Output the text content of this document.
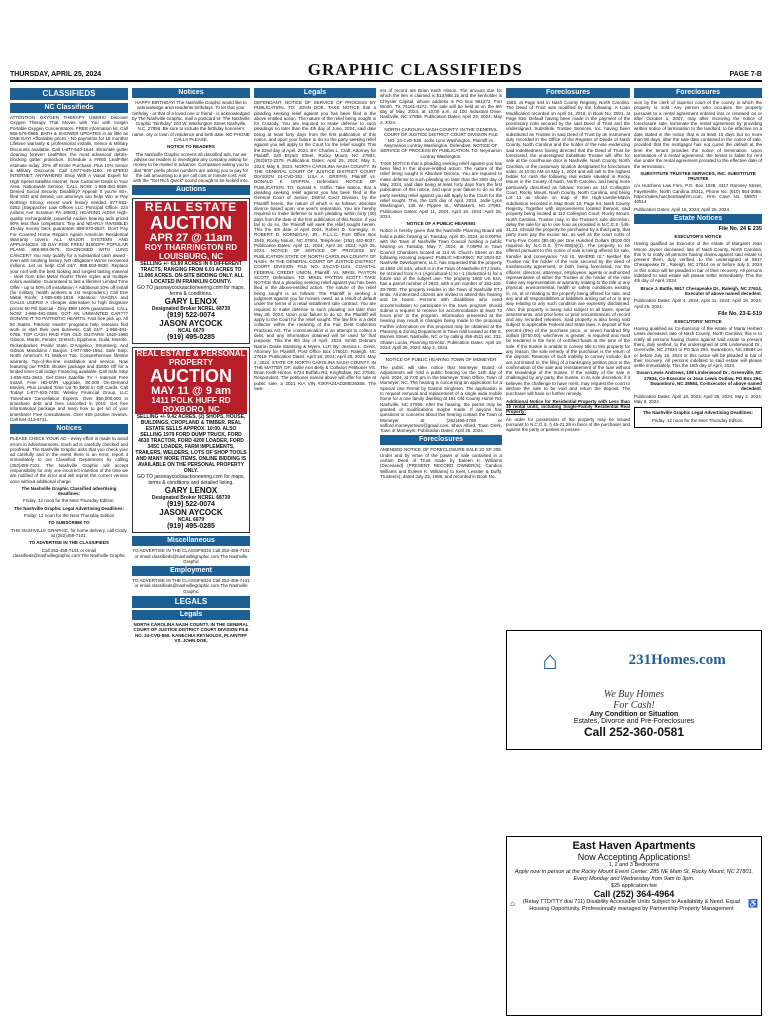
THURSDAY, APRIL 25, 2024	GRAPHIC CLASSIFIEDS	PAGE 7-B
CLASSIFIEDS
NC Classifieds

ATTENTION OXYGEN THERAPY USERS! Discover Oxygen Therapy That Moves with You with Inogen Portable Oxygen Concentrators. FREE information kit. Call 866-579-0885. BATH & SHOWER UPDATES in as little as ONE DAY! Affordable prices - No payments for 18 months! Lifetime warranty & professional installs. Senior & Military Discounts available. Call 1-877-540-1644. Eliminate gutter cleaning forever! LeafFilter, the most advanced debris-blocking gutter protection. Schedule a FREE LeafFilter estimate today. 20% off Entire Purchase. Plus 10% Senior & Military Discounts. Call 1-877-649-1190. HI-SPEED INTERNET. ANYWHERE! Shop With A Viasat Expert for High Speed Satellite Internet. New Customer Deals in Your Area. Nationwide Service. CALL NOW: 1-866-481-0668. Denied Social Security Disability? Appeal! If you're 50+, filed SSD and denied, our attorneys can help! Win or Pay Nothing! Strong, recent work history needed. 877-553-0252 [Steppacher Law Offices LLC Principal Office: 224 Adams Ave Scranton PA 18503]. HEARING AIDS!! High-quality rechargeable, powerful Audien hearing aids priced 90% less than competitors. Tiny and NEARLY INVISIBLE! 45-day money back guarantee! 888-970-6637. Don't Pay For Covered Home Repairs Again! American Residential Warranty covers ALL MAJOR SYSTEMS AND APPLIANCES. 30 DAY RISK FREE/ $100OFF POPULAR PLANS. 888-993-0678. DIAGNOSED WITH LUNG CANCER? You may qualify for a substantial cash award - even with smoking history. NO obligation! We've recovered millions. Let us help! Call 24/7, 888-503-0830. Replace your roof with the best looking and longest lasting material - steel from Erie Metal Roofs! Three styles and multiple colors available. Guaranteed to last a lifetime! Limited Time Offer - up to 50% off installation + Additional 10% off install (for military, health workers & 1st responders.) Call Erie Metal Roofs: 1-855-585-1819. Attention: VIAGRA and CIALIS USERS! A cheaper alternative to high drugstore prices! 50 Pill Special - Only $99! 100% guaranteed. CALL NOW: 1-866-481-0668. GOT AN UNWANTED CAR??? DONATE IT TO PATRIOTIC HEARTS. Fast free pick up. All 50 States. Patriotic Hearts' programs help veterans find work or start their own business. Call 24/7: 1-866-481-0765. TOP CASH PAID FOR OLD GUITARS! 1920-1980 Gibson, Martin, Fender, Gretsch, Epiphone, Guild, Mosrite, Rickenbacker, Prairie State, D'Angelico, Stromberg. And Gibson Mandolins / Banjos. 1-877-560-1554. Safe Step. North America's #1 Walk-In Tub. Comprehensive lifetime warranty. Top-of-the-line installation and service. Now featuring our FREE shower package and $1600 Off for a limited time! Call today! Financing available. Call Safe Step 1-855-931-3643. Get DISH Satellite TV + Internet! Free Install, Free HD-DVR Upgrade, 80,000 On-Demand Movies, Plus Limited Time Up To $600 In Gift Cards. Call Today! 1-877-920-7405. Wesley Financial Group, LLC Timeshare Cancellation Experts. Over $50,000,000 in timeshare debt and fees cancelled in 2019. Get free informational package and learn how to get rid of your timeshare! Free consultations. Over 450 positive reviews. Call 844-213-6711.

Notices

PLEASE CHECK YOUR AD - every effort is made to avoid errors in advertisements. Each ad is carefully checked and proofread. The Nashville Graphic asks that you check your ad carefully and in the event there is an error, report it immediately to our Classified Department by calling (252)459-7101. The Nashville Graphic will accept responsibility for only one incorrect insertion of the time we are notified of the error and will reprint the correct version once without additional charge.

The Nashville Graphic Classified advertising deadlines:

Friday, 12 noon for the Next Thursday Edition.

The Nashville Graphic Legal Advertising Deadlines:

Friday, 12 noon for the Next Thursday Edition

TO SUBSCRIBE TO

THE NASHVILLE GRAPHIC, for home delivery, call Cindy at (252)459-7101.

TO ADVERTISE IN THE CLASSIFIEDS

Call 252-459-7101 or email classifieds@nashvillegraphic.com The Nashville Graphic

Notices

HAPPY BIRTHDAY! The Nashville Graphic would like to acknowledge area residents birthdays. To let that your birthday - or that of a loved one or friend - is acknowledged by The Nashville Graphic, mail a postcard to: The Nashville Graphic "Birthday" 203 W. Washington Street Nashville, N.C. 27856. Be sure to include the birthday honoree's name, city or town of residence and birth date. NO PHONE CALLS PLEASE.

NOTICE TO READERS

The Nashville Graphic screens all classified ads, but we advise our readers to investigate any company asking for money to be mailed in advance. Companies asking you to dial "900" prefix phone numbers are asking you to pay for the call amounting to a per call cost or minute cost. Ask with the "Get Rich Quick" sound enough to be looked into.

Auctions
REAL ESTATE
AUCTION
APR 27 @ 11am
ROY THARRINGTON RD LOUISBURG, NC
SELLING +/- 63.89 ACRES IN 6 DIFFERENT TRACTS, RANGING FROM 6.01 ACRES TO 11.006 ACRES. ON-SITE BIDDING ONLY. ALL LOCATED IN FRANKLIN COUNTY.
GO TO jasonaycockauctioneering.com for maps, terms & conditions.
GARY LENOX
Designated Broker NCREL 68739
(919) 522-0074
JASON AYCOCK
NCAL 6679
(919) 495-0285
REAL ESTATE & PERSONAL PROPERTY
AUCTION
MAY 11 @ 9 am
1411 POLK HUFF RD ROXBORO, NC
SELLING +/- 9.42 ACRES, (2) SHOPS, HOUSE, BUILDINGS, CROPLAND & TIMBER. REAL ESTATE SELLS APPROX. 10:00. ALSO SELLING 1979 FORD DUMP TRUCK, FORD 4630 TRACTOR, FORD 4200 LOADER, FORD 345C LOADER, FARM IMPLEMENTS, TRAILERS, WELDERS, LOTS OF SHOP TOOLS AND MANY MORE ITEMS. ONLINE BIDDING IS AVAILABLE ON THE PERSONAL PROPERTY ONLY.
GO TO jasonaycockauctioneering.com for maps, terms & conditions and detailed listing.
GARY LENOX
Designated Broker NCREL 68739
(919) 522-0074
JASON AYCOCK
NCAL 6679
(919) 495-0285
Miscellaneous

TO ADVERTISE IN THE CLASSIFIEDS Call 252-459-7101 or email classifieds@nashvillegraphic.com The Nashville Graphic

Employment

TO ADVERTISE IN THE CLASSIFIEDS Call 252-459-7101 or email classifieds@nashvillegraphic.com The Nashville Graphic

LEGALS
Legals

NORTH CAROLINA NASH COUNTY. IN THE GENERAL COURT OF JUSTICE DISTRICT COURT DIVISION FILE NO. 24-CVD-550. KANECHIA REYNOLDS, PLAINTIFF VS. JOHN DOE,

Legals

DEFENDANT. NOTICE OF SERVICE OF PROCESS BY PUBLICATION. TO: JOHN DOE. TAKE NOTICE that a pleading seeking relief against you has been filed in the above entitled action. The nature of the relief being sought is for Custody. You are required to make defense to such pleadings no later than the 4th day of June, 2024, said date being at least forty days from the first publication of this notice, and upon your failure to do so the party seeking relief against you will apply to the Court for the relief sought. This the 22nd day of April, 2024. BY: Charles L. Craft, Attorney for Plaintiff, 220 Bryant Street, Rocky Mount, NC 27804, (252)972-2279. Publication Dates: April 25, 2024; May 2, 2024; May 9, 2024. NORTH CAROLINA NASH COUNTY. IN THE GENERAL COURT OF JUSTICE DISTRICT COURT DIVISION 24-CVD-352. LISA A. GRIFFIN, Plaintiff vs. DONALD K. GRIFFIN, Defendant. NOTICE OF PUBLICATION. TO: Donald K. Griffin. Take Notice, that a pleading seeking relief against you has been filed in the General Court of Justice, District Court Division, by the Plaintiff herein, the nature of which is as follows: absolute divorce based upon one year's separation. You are hereby required to make defense to such pleading within forty (40) days from the date of the first publication of this Notice. If you fail to do so, the Plaintiff will seek the relief sought herein. This the 4th date of April 2024. Robert D. Kornegay, Jr. ROBERT D. KORNEGAY, JR., P.L.L.C. Post Office Box 3545, Rocky Mount, NC 27804, Telephone: (252) 442-8037. Publication Dates: April 11, 2024; April 18, 2024; April 25, 2024. NOTICE OF SERVICE OF PROCESS BY PUBLICATION STATE OF NORTH CAROLINA COUNTY OF NASH. IN THE GENERAL COURT OF JUSTICE DISTRICT COURT DIVISION FILE NO. 24-CVD-1124. COASTAL FEDERAL CREDIT UNION, Plaintiff, Vs. MIKEL PAYTON SCOTT, Defendant. TO: MIKEL PAYTON SCOTT. TAKE NOTICE that a pleading seeking relief against you has been filed in the above-entitled action. The nature of the relief being sought is as follows: The Plaintiff is seeking a judgment against you for monies owed, as a result of default under the terms of a retail installment sale contract. You are required to make defense to such pleading not later than May 28, 2024. Upon your failure to do so, the Plaintiff will apply to the Court for the relief sought. The law firm is a debt collector within the meaning of the Fair Debt Collection Practices Act. The communication is an attempt to collect a debt, and any information obtained will be used for that purpose. This the 9th day of April, 2024. Smith Debnam Narron Drake Saintsing & Myers, LLP, By: Jessica L. Greer, Attorney for Plaintiff, Post Office Box 176010, Raleigh, NC 27619. Publication Dates: April 18, 2024; April 25, 2024; May 2, 2024. STATE OF NORTH CAROLINA NASH COUNTY. IN THE MATTER OF: Sullie Ann Belly & Collision Petitioner VS. Brian Keith Hinton, 6724 Buffalo Rd, Knightdale, NC 27545, Respondent. The petitioner named above will offer for sale at public sale, a 2021 KIA VIN #3KPA24AD2ME36358. The own-

ers of record are Brian Keith Hinton. The amount due for which the lien is claimed is $13,988.15 and the lienholder is Chrysler Capital, whose address is PO Box 961272, Fort Worth, TX 76161-0272. The sale will be held at on the 9th day of May, 2024, at 10:00 a.m. at 100 Industrial Drive, Nashville, NC 27856. Publication Dates: April 25, 2024; May 2, 2024.

NORTH CAROLINA NASH COUNTY. IN THE GENERAL COURT OF JUSTICE DISTRICT COURT DIVISION FILE NO. 24-CvD-536. Jodie Lynn Washington, Plaintiff vs. Neymarion Lontray Washington, Defendant. NOTICE OF SERVICE OF PROCESS BY PUBLICATION. TO: Neymarion Lontray Washington.

TAKE NOTICE that a pleading seeking relief against you has been filed in the above-entitled action. The nature of the relief being sought is Absolute Divorce. You are required to make defense to such pleading no later than the 20th day of May, 2024, said date being at least forty days from the first publication of this notice, and upon your failure to do so the party seeking relief against you will apply to the Court for the relief sought. This, the 11th day of April, 2024. Jodie Lynn Washington, 135 W. Pippen St., Whitakers, NC 27891. Publication Dates: April 11, 2024; April 18, 2024; April 25, 2024.

NOTICE OF A PUBLIC HEARING

Notice is hereby given that the Nashville Planning Board will hold a public hearing on Tuesday, April 30, 2024, at 6:00PM, with the Town of Nashville Town Council holding a public hearing on Tuesday, May 7, 2024, at 7:00PM in Town Council Chambers located at 114 W. Church Street on the following rezoning request: PUBLIC HEARING: RZ 2024-02: Nashville Development, LLC, has requested that the property at 1860 US 64A, which is in the Town of Nashville ETJ limits, be rezoned from A-1 (Agricultural-1) to I-1 (Industrial-1) for a future use of the subject use. The property 1860 US 64A, has a parcel number of 2823, with a pin number of 283-100-30-7800. The property resides in the Town of Nashville ETJ limits. All interested citizens are invited to attend this hearing and be heard. Persons with disabilities who need accommodation to participate in the town program should submit a request to receive for accommodation at least 72 hours prior to the program. Information presented at the hearing may result in changes being made to the proposal. Further information on this proposal may be obtained at the Planning & Zoning Department in Town Hall located at 499 S. Barnes Street, Nashville, NC or by calling 459-4511 ext. 232. Shawn Lucas, Planning Director. Publication Dates: April 18, 2024; April 25, 2024; May 2, 2024.

NOTICE OF PUBLIC HEARING TOWN OF MOMEYER

The public will take notice that Momeyer Board of Adjustments will hold a public hearing on the 14th day of April, 2024, at 7:00 pm in the Momeyer Town Office, Town of Momeyer, NC. The hearing is concerning an application for a Special Use Permit by Gaston Singleton. The application is to request removal and replacement of a single wide mobile home for a one family dwelling at 161 Old County Home Rd, Nashville, NC 27856. After the hearing, the permit may be granted or modifications maybe made. If anyone has questions or concerns about this hearing contact the Town of Momeyer at (252)459-4788 or safford.momeyertown@gmail.com. Shea Alford, Town Clerk, Town of Momeyer. Publication Dates: April 25, 2024.

Foreclosures

AMENDED NOTICE OF FORECLOSURE SALE 22 SP 205. Under and by virtue of the power of sale contained in a certain Deed of Trust made by Euleen K. Williams (Deceased) (PRESENT RECORD OWNER(S): Candice Williams and Euleen K. Williams) to Keel, Lessiter & Duffy, Trustee(s), dated July 23, 1996, and recorded in Book No.

Foreclosures

1583, at Page 644 in Nash County Registry, North Carolina. The Deed of Trust was modified by the following: A Loan Modification recorded on April 24, 2019, in Book No. 2921, at Page 616. Default having been made in the payment of the promissory note secured by the said Deed of Trust and the undersigned, Substitute Trustee Services, Inc. having been substituted as Trustee in said Deed of Trust by an instrument duly recorded in the Office of the Register of Deeds of Nash County, North Carolina and the holder of the note evidencing said indebtedness having directed that the Deed of Trust be foreclosed, the undersigned Substitute Trustee will offer for sale at the courthouse door in Nashville, Nash County, North Carolina, or the customary location designated for foreclosure sales, at 10:00 AM on May 1, 2024 and will sell to the highest bidder for cash the following real estate situated in Rocky Mount in the County of Nash, North Carolina, and being more particularly described as follows: Known as 112 Collington Court, Rocky Mount, Nash County, North Carolina, and being Lot 13 as shown on map of the High-Lambe-Mavin subdivision recorded in Map Book 10, Page 64, Nash County Registry. Together with improvements located thereon; said property being located at 112 Collington Court, Rocky Mount, North Carolina. Trustee may, in the Trustee's sole discretion, delay the sale for up to one hour as provided in N.C.G.S. §45-21.23. Should the property be purchased by a third party, that party must pay the excise tax, as well as the court costs of Forty-Five Cents ($0.45) per One Hundred Dollars ($100.00) required by N.C.G.S. §7A-308(a)(1). The property to be offered pursuant to this notice of sale is being offered for sale, transfer and conveyance "AS IS, WHERE IS." Neither the Trustee nor the holder of the note secured by the deed of trust/security agreement, or both, being foreclosed, nor the officers, directors, attorneys, employees, agents or authorized representative of either the Trustee or the holder of the note make any representation or warranty relating to the title or any physical, environmental, health or safety conditions existing in, on, at or relating to the property being offered for sale, and any and all responsibilities or liabilities arising out of or in any way relating to any such condition are expressly disclaimed. Also, this property is being sold subject to all taxes, special assessments, and prior liens or prior encumbrances of record and any recorded releases. Said property is also being sold subject to applicable Federal and State laws. A deposit of five percent (5%) of the purchase price, or seven hundred fifty dollars ($750.00), whichever is greater, is required and must be tendered in the form of certified funds at the time of the sale. If the trustee is unable to convey title to this property for any reason, the sole remedy of the purchaser is the return of the deposit. Reasons of such inability to convey include, but are not limited to, the filing of a bankruptcy petition prior to the confirmation of the sale and reinstatement of the loan without the knowledge of the trustee. If the validity of the sale is challenged by any party, the trustee, in its sole discretion, if it believes the challenge to have merit, may request the court to declare the sale to be void and return the deposit. The purchaser will have no further remedy.

Additional Notice for Residential Property with Less than 15 rental units, including Single-Family Residential Real Property:

An order for possession of the property may be issued pursuant to N.C.G.S. § 45-21.29 in favor of the purchaser and against the party or parties in posses-

Foreclosures

sion by the clerk of superior court of the county in which the property is sold. Any person who occupies the property pursuant to a rental agreement entered into or renewed on or after October 1, 2007, may after receiving the notice of foreclosure sale, terminate the rental agreement by providing written notice of termination to the landlord, to be effective on a date stated in the notice that is at least 10 days but no more than 90 days, after the sale date contained in the notice of sale, provided that the mortgagor has not cured the default at the time the tenant provides the notice of termination. Upon termination of a rental agreement, the tenant is liable for rent due under the rental agreement prorated to the effective date of the termination.

SUBSTITUTE TRUSTEE SERVICES, INC. SUBSTITUTE TRUSTEE

c/o Hutchens Law Firm, P.O. Box 1028, 4317 Ramsey Street, Fayetteville, North Carolina 28311, Phone No: (910) 864-3068, https://sales.hutchenslawfirm.com, Firm Case No: 56970 - 40514

Publication Dates: April 18, 2024; April 25, 2024.

Estate Notices
File No. 24 E 235

EXECUTOR'S NOTICE

Having qualified as Executor of the estate of Margaret Jean Moore Joyner deceased, late of Nash County, North Carolina, this is to notify all persons having claims against said estate to present them, duly verified, to the undersigned at 5917 Chesapeake Dr., Raleigh, NC 27614 on or before July 5, 2024 or this notice will be pleaded in bar of their recovery. All persons indebted to said estate will please settle immediately. This the 4th day of April, 2024.

Bruce J. Battle, 5917 Chesapeake Dr., Raleigh, NC 27614, Executor of above named decedent.

Publication Dates: April 4, 2024; April 11, 2024; April 18, 2024; April 25, 2024.

File No. 23-E-519

EXECUTORS' NOTICE

Having qualified as Co-Executor of the estate of Marla Herbert Lewis deceased, late of Nash County, North Carolina, this is to notify all persons having claims against said estate to present them, duly verified, to the undersigned at 108 Lindenwood Dr., Greenville, NC 27834 or PO Box 294, Swansboro, NC 28584 on or before July 18, 2024 or this notice will be pleaded in bar of their recovery. All persons indebted to said estate will please settle immediately. This the 18th day of April, 2024.

Susan Lewis Andrews, 108 Lindenwood Dr., Greenville, NC 27834, Co-Executor or Joan Lewis Outlaw, PO Box 294, Swansboro, NC 28584, Co-Executor of above named decedent.

Publication Dates: April 18, 2024; April 25, 2024; May 2, 2024; May 9, 2024.

The Nashville Graphic Legal Advertising Deadlines:

Friday, 12 noon for the Next Thursday Edition.

⌂	231Homes.com
We Buy Homes
For Cash!
Any Condition or Situation
Estates, Divorce and Pre-Foreclosures
Call 252-360-0581
East Haven Apartments
Now Accepting Applications!
1, 2 and 3 Bedrooms
Apply now in person at the Rocky Mount Event Center: 285 NE Main St, Rocky Mount, NC 27801. Every Monday and Wednesday from 9am to 3pm.
$25 application fee
Call (252) 364-4964
⌂	(Relay TTD/TTY dial 711) Disability Accessible Units Subject to Availability & Need. Equal Housing Opportunity. Professionally managed by Partnership Property Management
♿
